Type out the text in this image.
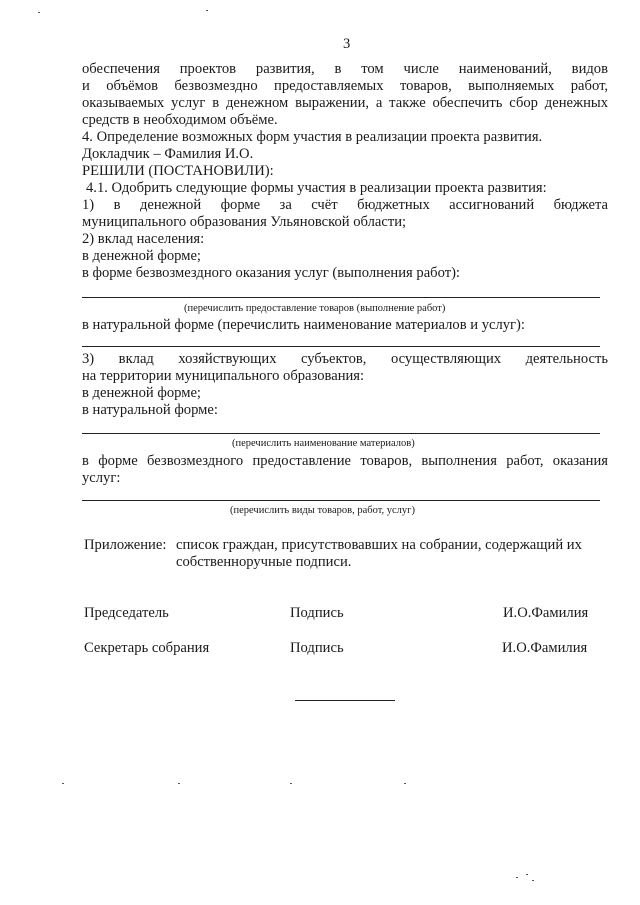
3
обеспечения проектов развития, в том числе наименований, видов
и объёмов безвозмездно предоставляемых товаров, выполняемых работ,
оказываемых услуг в денежном выражении, а также обеспечить сбор денежных
средств в необходимом объёме.
4. Определение возможных форм участия в реализации проекта развития.
Докладчик – Фамилия И.О.
РЕШИЛИ (ПОСТАНОВИЛИ):
4.1. Одобрить следующие формы участия в реализации проекта развития:
1) в денежной форме за счёт бюджетных ассигнований бюджета
муниципального образования Ульяновской области;
2) вклад населения:
в денежной форме;
в форме безвозмездного оказания услуг (выполнения работ):
(перечислить предоставление товаров (выполнение работ)
в натуральной форме (перечислить наименование материалов и услуг):
3) вклад хозяйствующих субъектов, осуществляющих деятельность
на территории муниципального образования:
в денежной форме;
в натуральной форме:
(перечислить наименование материалов)
в форме безвозмездного предоставление товаров, выполнения работ, оказания
услуг:
(перечислить виды товаров, работ, услуг)
Приложение: список граждан, присутствовавших на собрании, содержащий их
собственноручные подписи.
Председатель	Подпись	И.О.Фамилия
Секретарь собрания	Подпись	И.О.Фамилия
